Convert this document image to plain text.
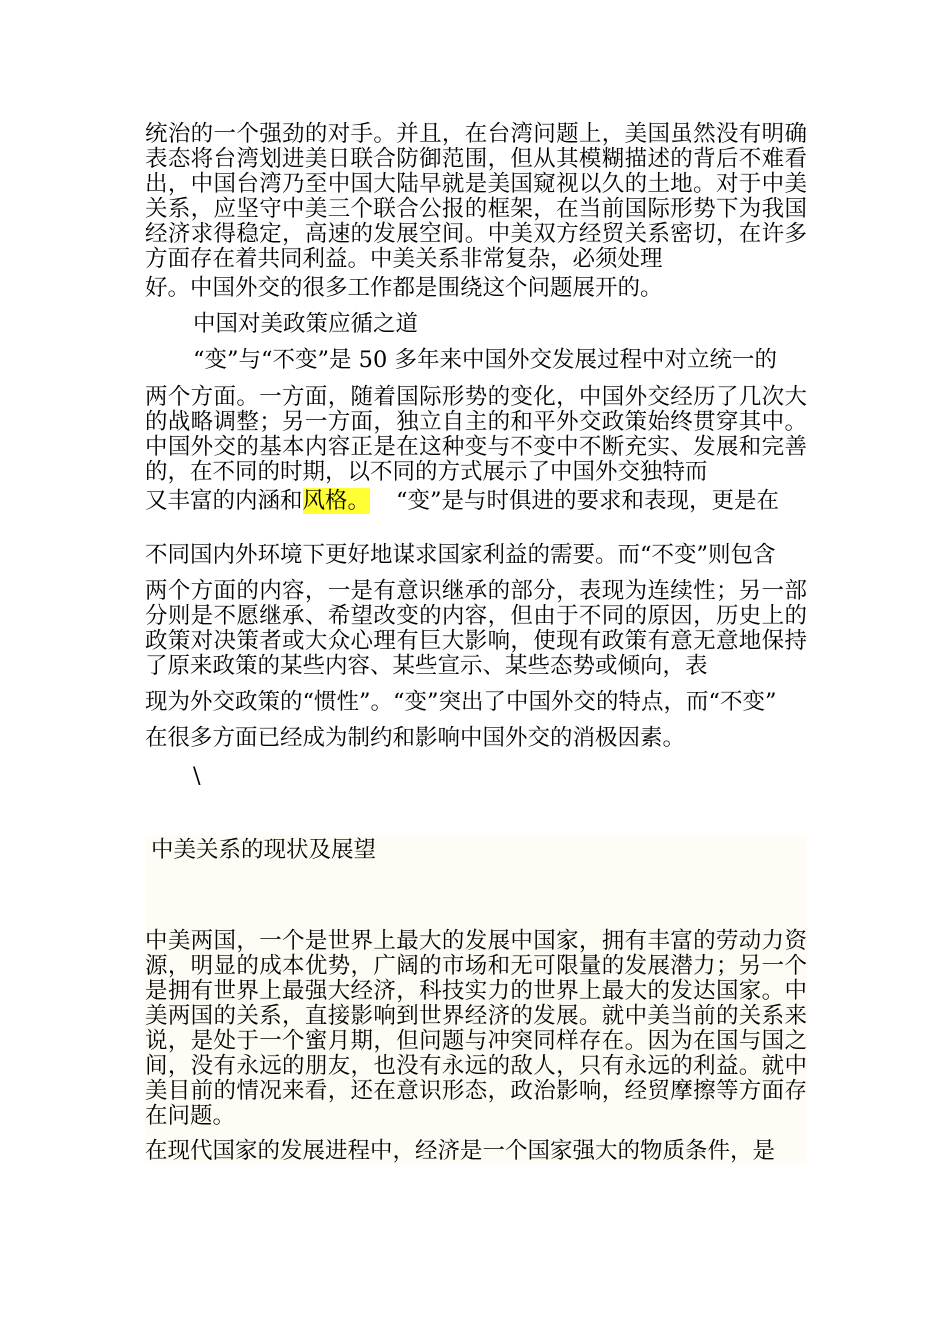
统治的一个强劲的对手。并且，在台湾问题上，美国虽然没有明确表态将台湾划进美日联合防御范围，但从其模糊描述的背后不难看出，中国台湾乃至中国大陆早就是美国窥视以久的土地。对于中美关系，应坚守中美三个联合公报的框架，在当前国际形势下为我国经济求得稳定，高速的发展空间。中美双方经贸关系密切，在许多方面存在着共同利益。中美关系非常复杂，必须处理

好。中国外交的很多工作都是围绕这个问题展开的。

中国对美政策应循之道

“变”与“不变”是 50 多年来中国外交发展过程中对立统一的

两个方面。一方面，随着国际形势的变化，中国外交经历了几次大的战略调整；另一方面，独立自主的和平外交政策始终贯穿其中。中国外交的基本内容正是在这种变与不变中不断充实、发展和完善的，在不同的时期，以不同的方式展示了中国外交独特而

又丰富的内涵和风格。 “变”是与时俱进的要求和表现，更是在

不同国内外环境下更好地谋求国家利益的需要。而“不变”则包含

两个方面的内容，一是有意识继承的部分，表现为连续性；另一部分则是不愿继承、希望改变的内容，但由于不同的原因，历史上的政策对决策者或大众心理有巨大影响，使现有政策有意无意地保持了原来政策的某些内容、某些宣示、某些态势或倾向，表

现为外交政策的“惯性”。“变”突出了中国外交的特点，而“不变”

在很多方面已经成为制约和影响中国外交的消极因素。

\

中美关系的现状及展望

中美两国，一个是世界上最大的发展中国家，拥有丰富的劳动力资源，明显的成本优势，广阔的市场和无可限量的发展潜力；另一个是拥有世界上最强大经济，科技实力的世界上最大的发达国家。中美两国的关系，直接影响到世界经济的发展。就中美当前的关系来说，是处于一个蜜月期，但问题与冲突同样存在。因为在国与国之间，没有永远的朋友，也没有永远的敌人，只有永远的利益。就中美目前的情况来看，还在意识形态，政治影响，经贸摩擦等方面存在问题。

在现代国家的发展进程中，经济是一个国家强大的物质条件，是
